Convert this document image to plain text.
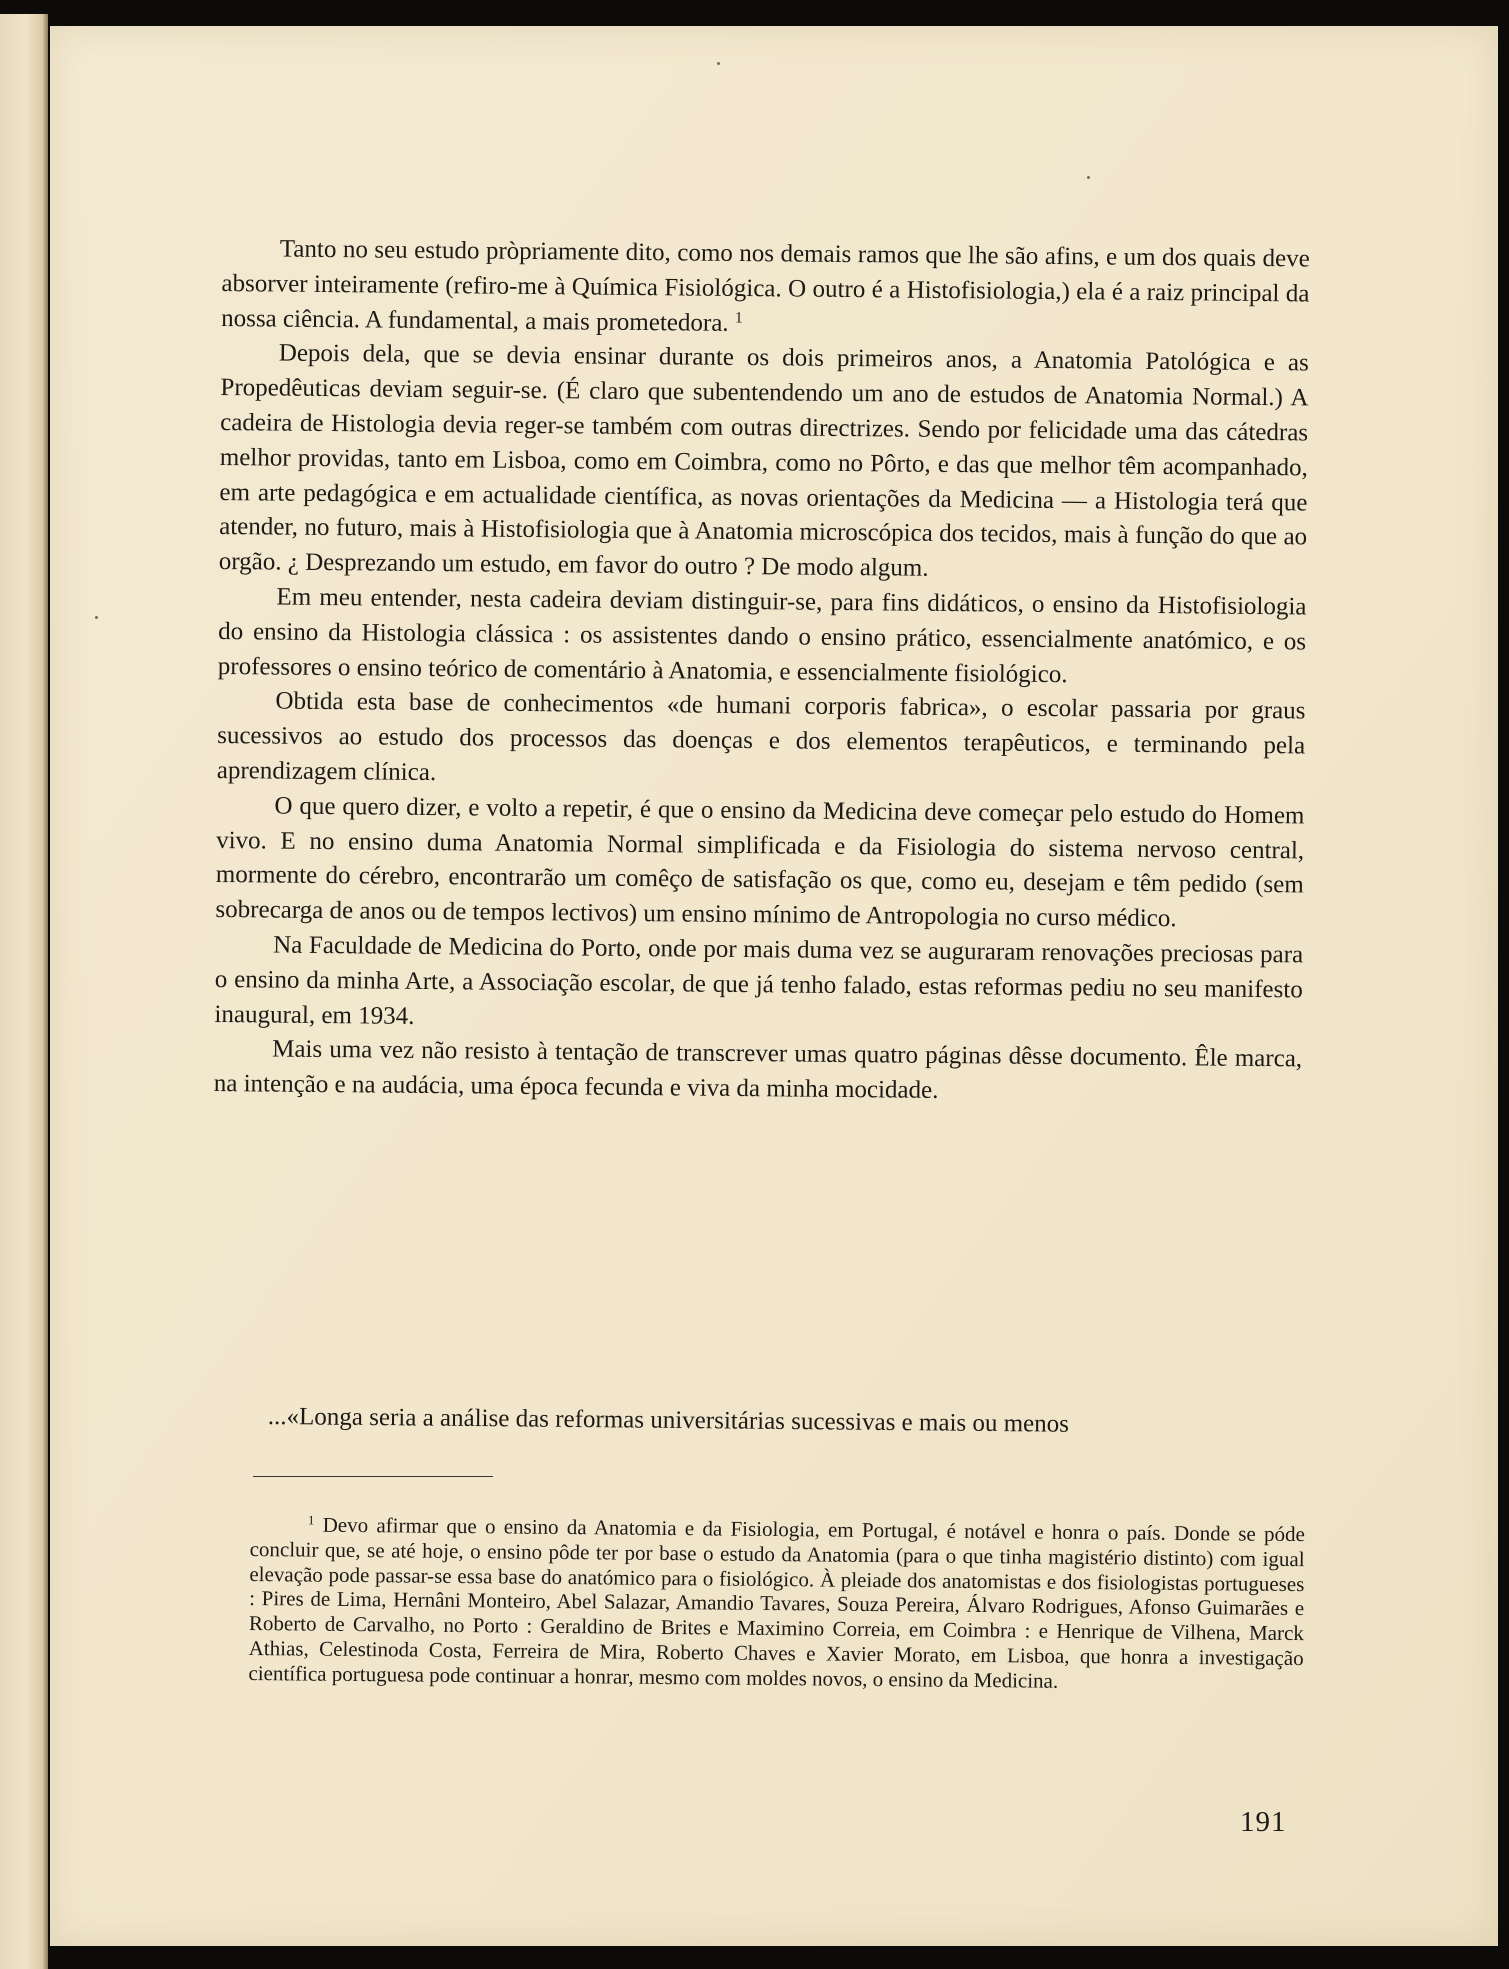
Tanto no seu estudo pròpriamente dito, como nos demais ramos que lhe são afins, e um dos quais deve absorver inteiramente (refiro-me à Química Fisiológica. O outro é a Histofisiologia,) ela é a raiz principal da nossa ciência. A fundamental, a mais prometedora. $^1$

Depois dela, que se devia ensinar durante os dois primeiros anos, a Anatomia Patológica e as Propedêuticas deviam seguir-se. (É claro que subentendendo um ano de estudos de Anatomia Normal.) A cadeira de Histologia devia reger-se também com outras directrizes. Sendo por felicidade uma das cátedras melhor providas, tanto em Lisboa, como em Coimbra, como no Pôrto, e das que melhor têm acompanhado, em arte pedagógica e em actualidade científica, as novas orientações da Medicina — a Histologia terá que atender, no futuro, mais à Histofisiologia que à Anatomia microscópica dos tecidos, mais à função do que ao orgão. ¿ Desprezando um estudo, em favor do outro ? De modo algum.

Em meu entender, nesta cadeira deviam distinguir-se, para fins didáticos, o ensino da Histofisiologia do ensino da Histologia clássica : os assistentes dando o ensino prático, essencialmente anatómico, e os professores o ensino teórico de comentário à Anatomia, e essencialmente fisiológico.

Obtida esta base de conhecimentos «de humani corporis fabrica», o escolar passaria por graus sucessivos ao estudo dos processos das doenças e dos elementos terapêuticos, e terminando pela aprendizagem clínica.

O que quero dizer, e volto a repetir, é que o ensino da Medicina deve começar pelo estudo do Homem vivo. E no ensino duma Anatomia Normal simplificada e da Fisiologia do sistema nervoso central, mormente do cérebro, encontrarão um comêço de satisfação os que, como eu, desejam e têm pedido (sem sobrecarga de anos ou de tempos lectivos) um ensino mínimo de Antropologia no curso médico.

Na Faculdade de Medicina do Porto, onde por mais duma vez se auguraram renovações preciosas para o ensino da minha Arte, a Associação escolar, de que já tenho falado, estas reformas pediu no seu manifesto inaugural, em 1934.

Mais uma vez não resisto à tentação de transcrever umas quatro páginas dêsse documento. Êle marca, na intenção e na audácia, uma época fecunda e viva da minha mocidade.

...«Longa seria a análise das reformas universitárias sucessivas e mais ou menos

$^1$ Devo afirmar que o ensino da Anatomia e da Fisiologia, em Portugal, é notável e honra o país. Donde se póde concluir que, se até hoje, o ensino pôde ter por base o estudo da Anatomia (para o que tinha magistério distinto) com igual elevação pode passar-se essa base do anatómico para o fisiológico. À pleiade dos anatomistas e dos fisiologistas portugueses : Pires de Lima, Hernâni Monteiro, Abel Salazar, Amandio Tavares, Souza Pereira, Álvaro Rodrigues, Afonso Guimarães e Roberto de Carvalho, no Porto : Geraldino de Brites e Maximino Correia, em Coimbra : e Henrique de Vilhena, Marck Athias, Celestinoda Costa, Ferreira de Mira, Roberto Chaves e Xavier Morato, em Lisboa, que honra a investigação científica portuguesa pode continuar a honrar, mesmo com moldes novos, o ensino da Medicina.

191
